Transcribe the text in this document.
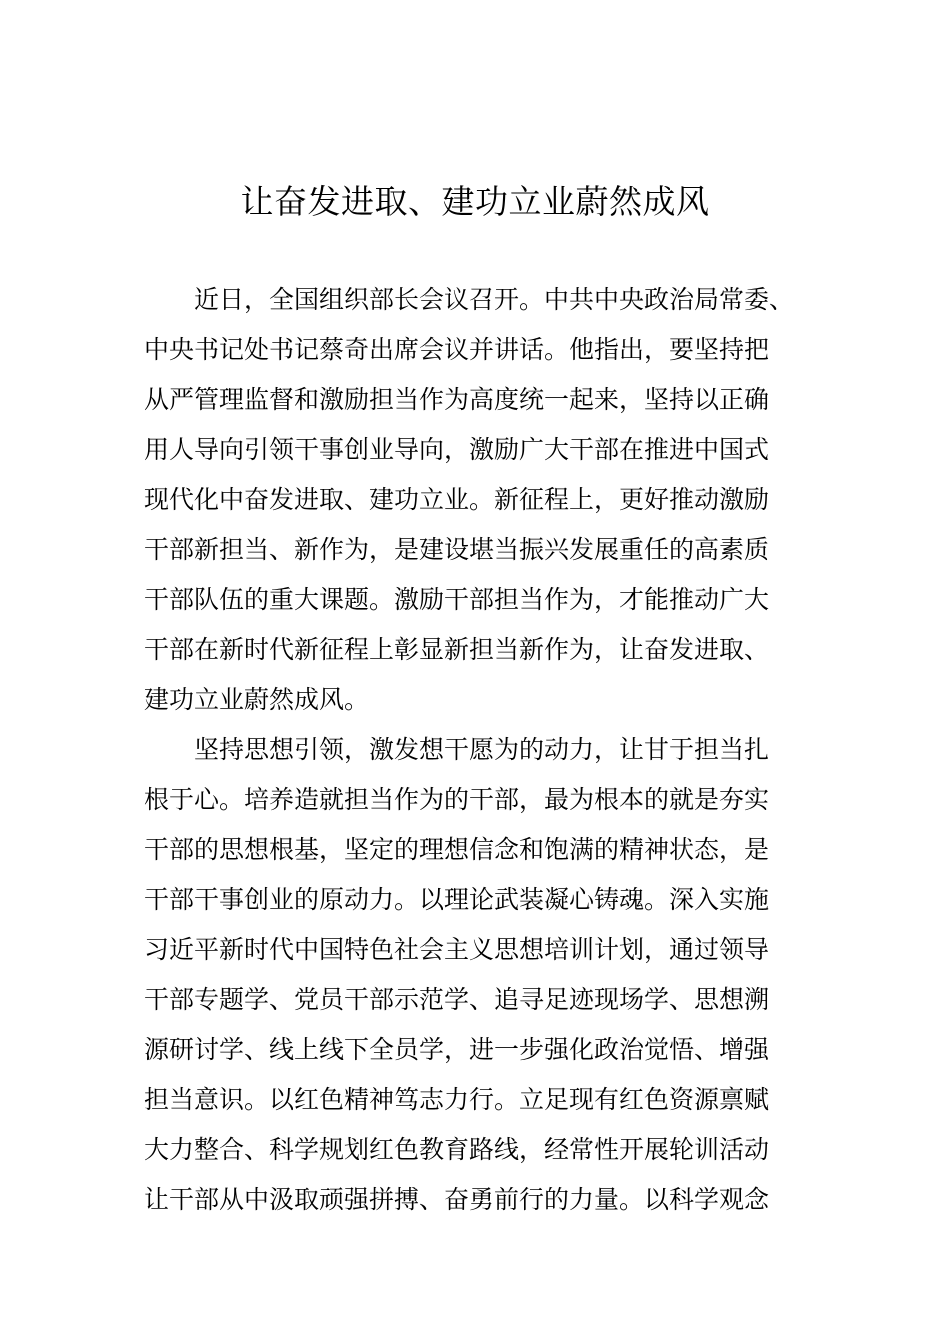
让奋发进取、建功立业蔚然成风
近日，全国组织部长会议召开。中共中央政治局常委、
中央书记处书记蔡奇出席会议并讲话。他指出，要坚持把
从严管理监督和激励担当作为高度统一起来，坚持以正确
用人导向引领干事创业导向，激励广大干部在推进中国式
现代化中奋发进取、建功立业。新征程上，更好推动激励
干部新担当、新作为，是建设堪当振兴发展重任的高素质
干部队伍的重大课题。激励干部担当作为，才能推动广大
干部在新时代新征程上彰显新担当新作为，让奋发进取、
建功立业蔚然成风。
坚持思想引领，激发想干愿为的动力，让甘于担当扎
根于心。培养造就担当作为的干部，最为根本的就是夯实
干部的思想根基，坚定的理想信念和饱满的精神状态，是
干部干事创业的原动力。以理论武装凝心铸魂。深入实施
习近平新时代中国特色社会主义思想培训计划，通过领导
干部专题学、党员干部示范学、追寻足迹现场学、思想溯
源研讨学、线上线下全员学，进一步强化政治觉悟、增强
担当意识。以红色精神笃志力行。立足现有红色资源禀赋
大力整合、科学规划红色教育路线，经常性开展轮训活动
让干部从中汲取顽强拼搏、奋勇前行的力量。以科学观念
